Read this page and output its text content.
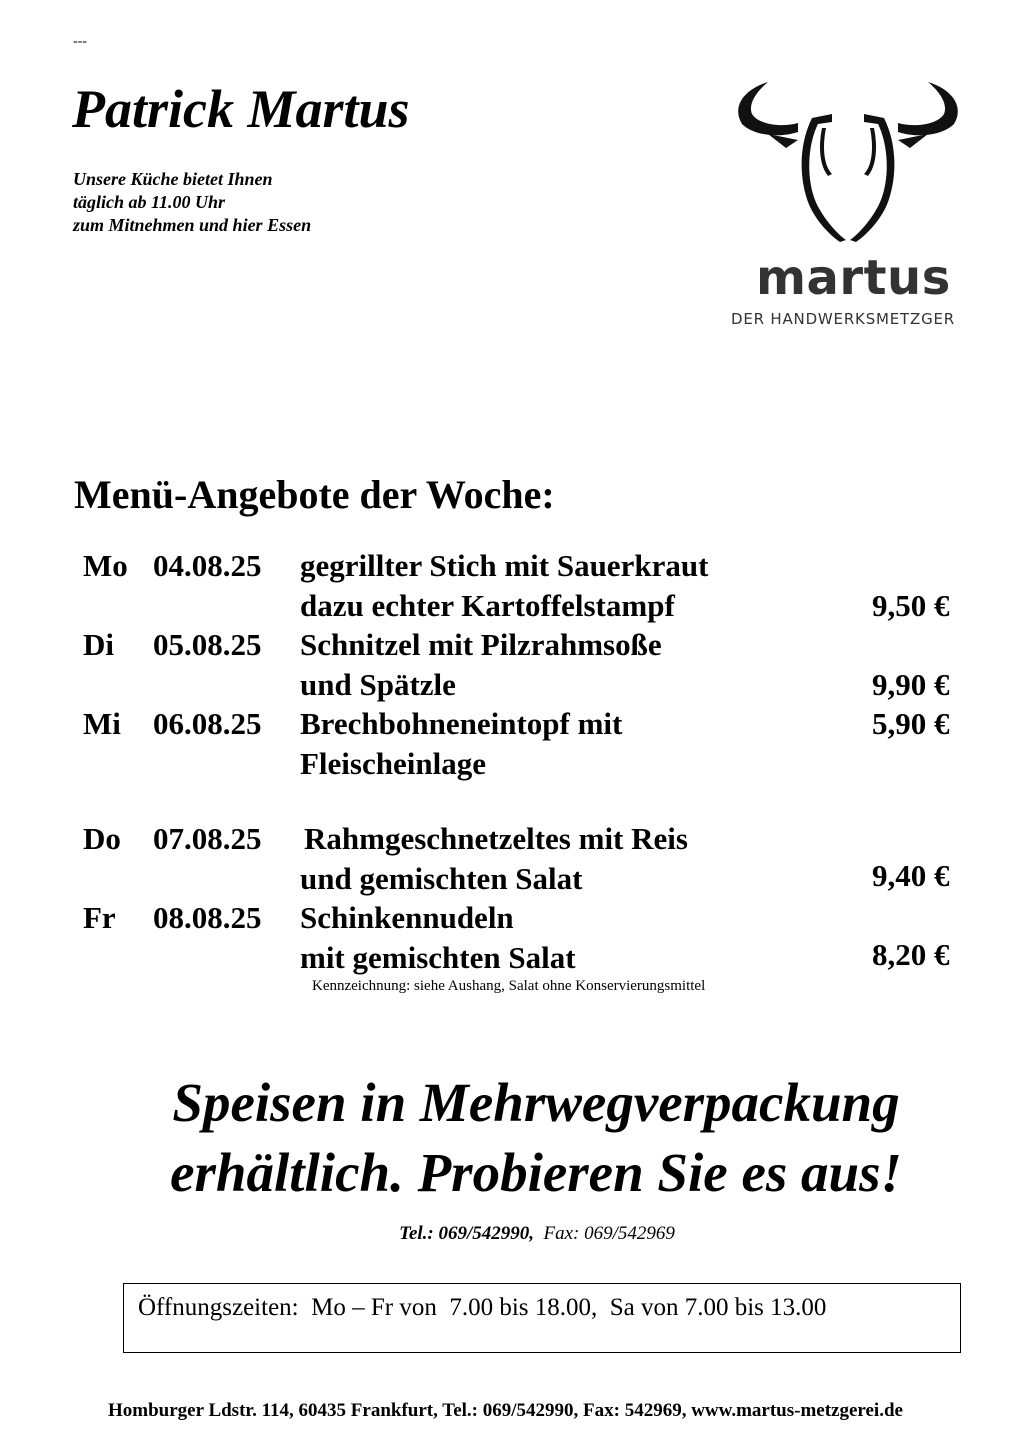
---
Patrick Martus
Unsere Küche bietet Ihnen
täglich ab 11.00 Uhr
zum Mitnehmen und hier Essen
martus
DER HANDWERKSMETZGER
Menü-Angebote der Woche:
Mo 04.08.25 gegrillter Stich mit Sauerkraut
dazu echter Kartoffelstampf	9,50 €
Di 05.08.25 Schnitzel mit Pilzrahmsoße
und Spätzle	9,90 €
Mi 06.08.25 Brechbohneneintopf mit	5,90 €
Fleischeinlage
Do 07.08.25 Rahmgeschnetzeltes mit Reis
und gemischten Salat	9,40 €
Fr 08.08.25 Schinkennudeln
mit gemischten Salat	8,20 €
Kennzeichnung: siehe Aushang, Salat ohne Konservierungsmittel
Speisen in Mehrwegverpackung
erhältlich. Probieren Sie es aus!
Tel.: 069/542990, Fax: 069/542969
Öffnungszeiten:  Mo – Fr von  7.00 bis 18.00,  Sa von 7.00 bis 13.00
Homburger Ldstr. 114, 60435 Frankfurt, Tel.: 069/542990, Fax: 542969, www.martus-metzgerei.de
